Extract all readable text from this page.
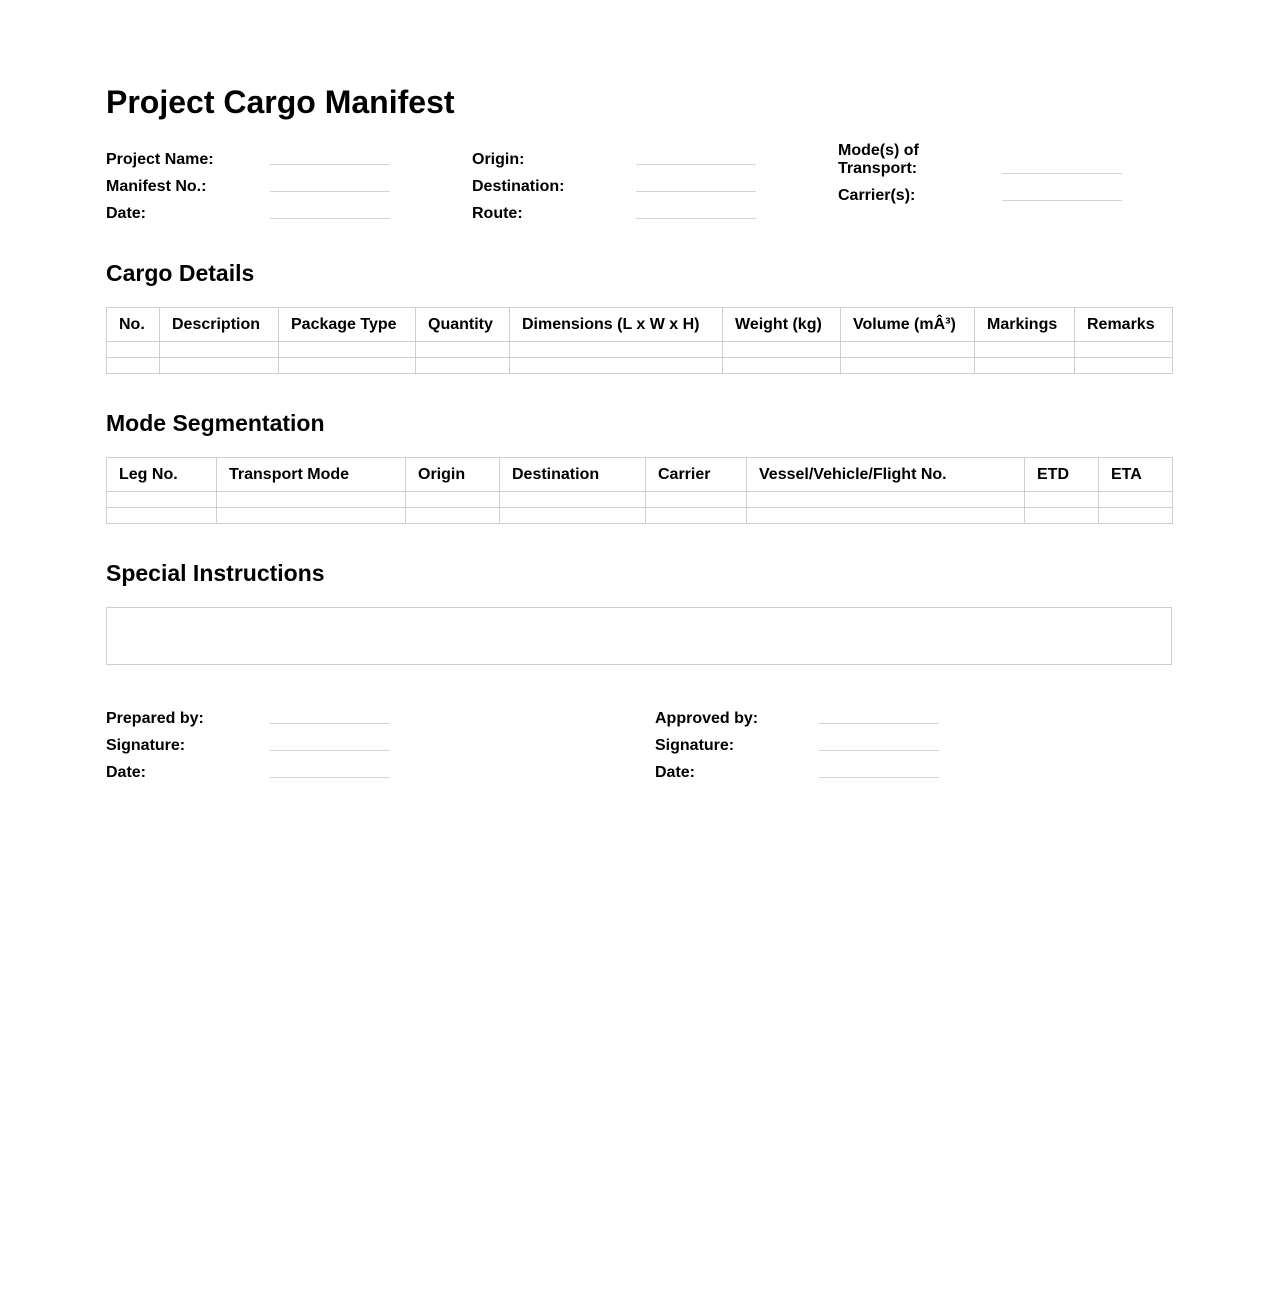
Project Cargo Manifest
Project Name:
Manifest No.:
Date:
Origin:
Destination:
Route:
Mode(s) of Transport:
Carrier(s):
Cargo Details
No.	Description	Package Type	Quantity	Dimensions (L x W x H)	Weight (kg)	Volume (mÂ³)	Markings	Remarks

Mode Segmentation
Leg No.	Transport Mode	Origin	Destination	Carrier	Vessel/Vehicle/Flight No.	ETD	ETA

Special Instructions
Prepared by:
Signature:
Date:
Approved by:
Signature:
Date:
